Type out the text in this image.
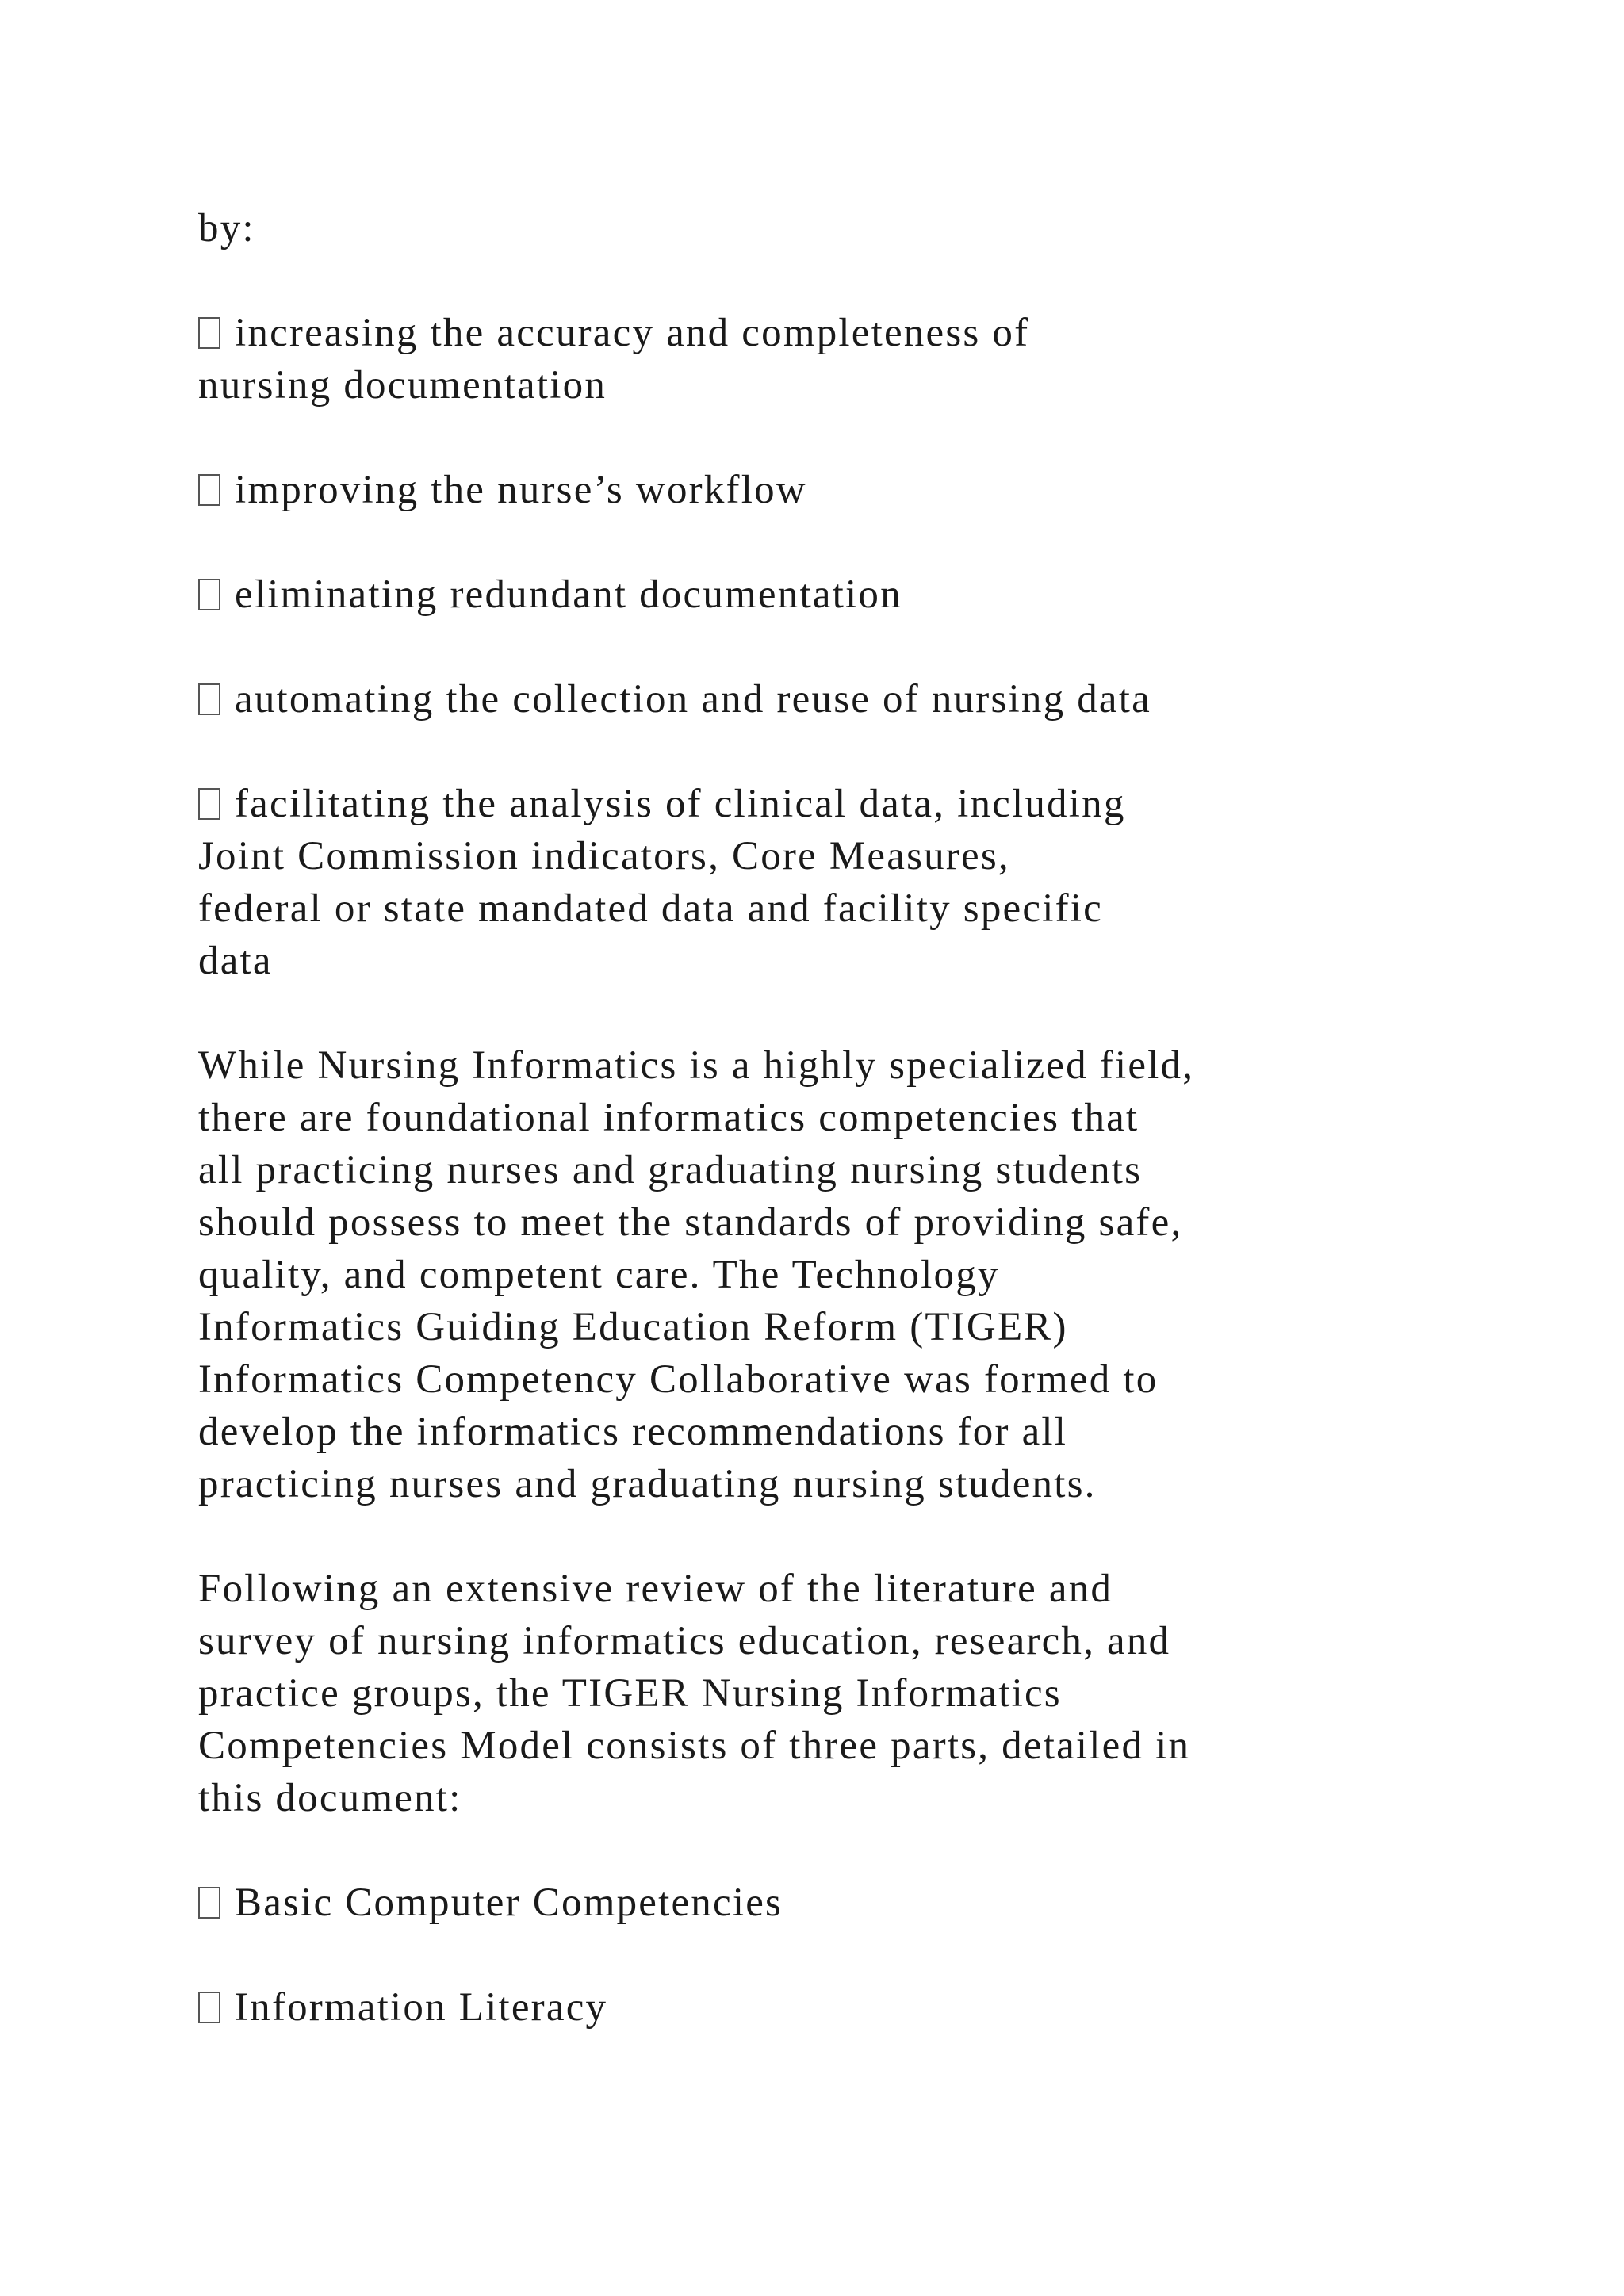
by:

increasing the accuracy and completeness of
nursing documentation

improving the nurse’s workflow

eliminating redundant documentation

automating the collection and reuse of nursing data

facilitating the analysis of clinical data, including
Joint Commission indicators, Core Measures,
federal or state mandated data and facility specific
data

While Nursing Informatics is a highly specialized field,
there are foundational informatics competencies that
all practicing nurses and graduating nursing students
should possess to meet the standards of providing safe,
quality, and competent care. The Technology
Informatics Guiding Education Reform (TIGER)
Informatics Competency Collaborative was formed to
develop the informatics recommendations for all
practicing nurses and graduating nursing students.

Following an extensive review of the literature and
survey of nursing informatics education, research, and
practice groups, the TIGER Nursing Informatics
Competencies Model consists of three parts, detailed in
this document:

Basic Computer Competencies

Information Literacy
